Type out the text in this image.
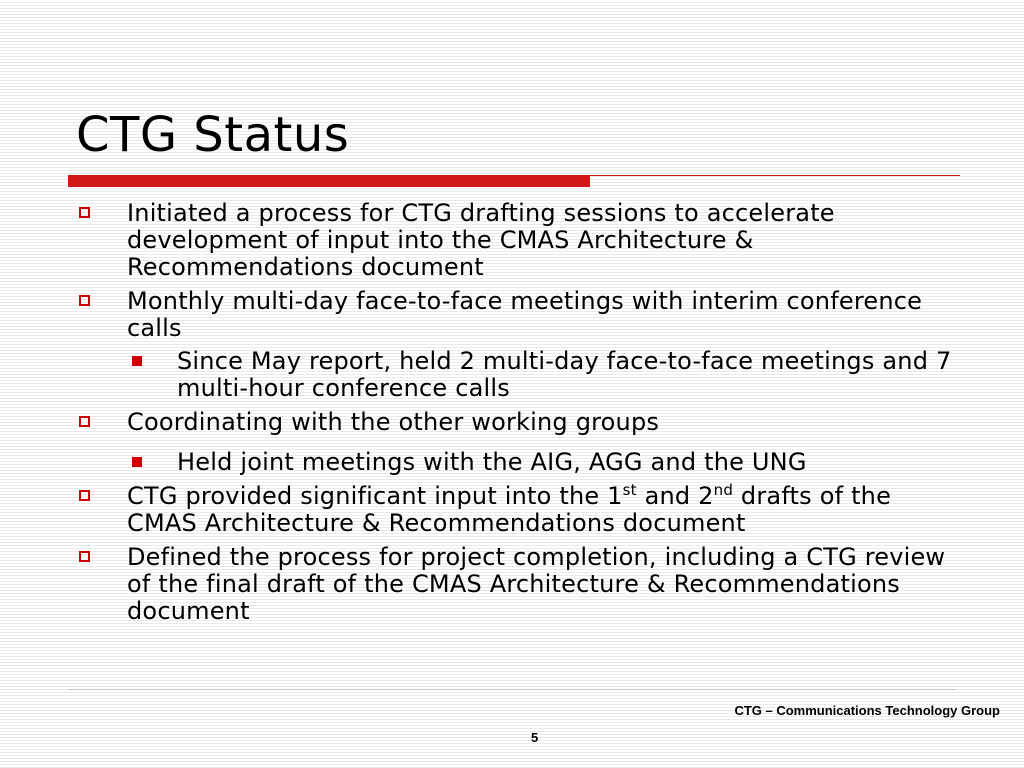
CTG Status
Initiated a process for CTG drafting sessions to accelerate development of input into the CMAS Architecture & Recommendations document
Monthly multi-day face-to-face meetings with interim conference calls
Since May report, held 2 multi-day face-to-face meetings and 7 multi-hour conference calls
Coordinating with the other working groups
Held joint meetings with the AIG, AGG and the UNG
CTG provided significant input into the 1st and 2nd drafts of the CMAS Architecture & Recommendations document
Defined the process for project completion, including a CTG review of the final draft of the CMAS Architecture & Recommendations document
CTG – Communications Technology Group
5
